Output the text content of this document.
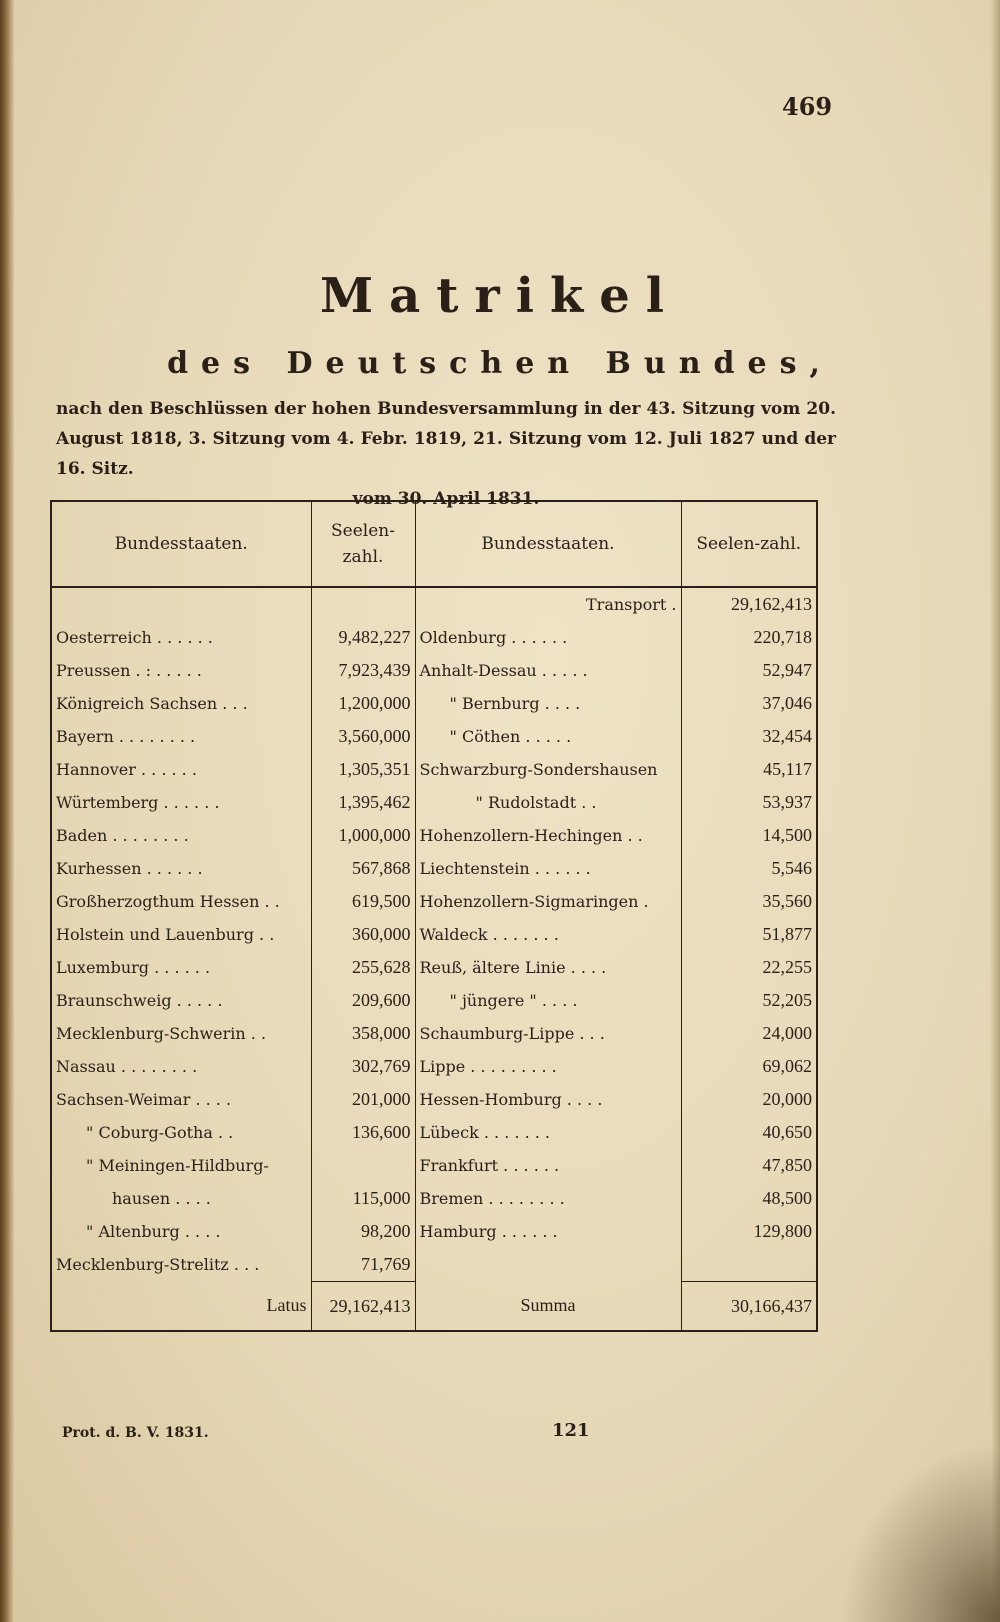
469
Matrikel
des Deutschen Bundes,
nach den Beschlüssen der hohen Bundesversammlung in der 43. Sitzung vom 20. August 1818, 3. Sitzung vom 4. Febr. 1819, 21. Sitzung vom 12. Juli 1827 und der 16. Sitz.
vom 30. April 1831.
Bundesstaaten.	Seelen-zahl.	Bundesstaaten.	Seelen-zahl.
		Transport .	29,162,413
Oesterreich . . . . . .	9,482,227	Oldenburg . . . . . .	220,718
Preussen . : . . . . .	7,923,439	Anhalt-Dessau . . . . .	52,947
Königreich Sachsen . . .	1,200,000	" Bernburg . . . .	37,046
Bayern . . . . . . . .	3,560,000	" Cöthen . . . . .	32,454
Hannover . . . . . .	1,305,351	Schwarzburg-Sondershausen	45,117
Würtemberg . . . . . .	1,395,462	" Rudolstadt . .	53,937
Baden . . . . . . . .	1,000,000	Hohenzollern-Hechingen . .	14,500
Kurhessen . . . . . .	567,868	Liechtenstein . . . . . .	5,546
Großherzogthum Hessen . .	619,500	Hohenzollern-Sigmaringen .	35,560
Holstein und Lauenburg . .	360,000	Waldeck . . . . . . .	51,877
Luxemburg . . . . . .	255,628	Reuß, ältere Linie . . . .	22,255
Braunschweig . . . . .	209,600	" jüngere " . . . .	52,205
Mecklenburg-Schwerin . .	358,000	Schaumburg-Lippe . . .	24,000
Nassau . . . . . . . .	302,769	Lippe . . . . . . . . .	69,062
Sachsen-Weimar . . . .	201,000	Hessen-Homburg . . . .	20,000
" Coburg-Gotha . .	136,600	Lübeck . . . . . . .	40,650
" Meiningen-Hildburg-		Frankfurt . . . . . .	47,850
hausen . . . .	115,000	Bremen . . . . . . . .	48,500
" Altenburg . . . .	98,200	Hamburg . . . . . .	129,800
Mecklenburg-Strelitz . . .	71,769		
Latus	29,162,413	Summa	30,166,437
Prot. d. B. V. 1831.	121
